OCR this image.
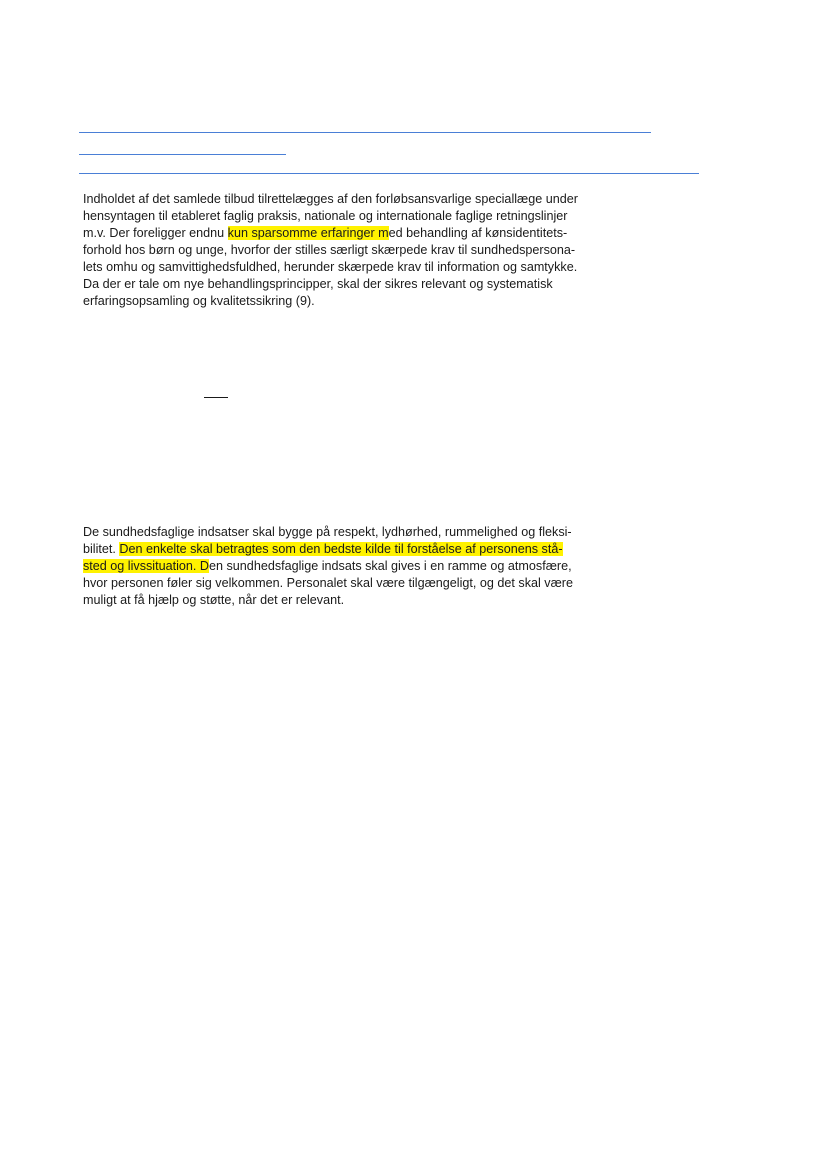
Indholdet af det samlede tilbud tilrettelægges af den forløbsansvarlige speciallæge under
hensyntagen til etableret faglig praksis, nationale og internationale faglige retningslinjer
m.v. Der foreligger endnu kun sparsomme erfaringer med behandling af kønsidentitets-
forhold hos børn og unge, hvorfor der stilles særligt skærpede krav til sundhedspersona-
lets omhu og samvittighedsfuldhed, herunder skærpede krav til information og samtykke.
Da der er tale om nye behandlingsprincipper, skal der sikres relevant og systematisk
erfaringsopsamling og kvalitetssikring (9).
De sundhedsfaglige indsatser skal bygge på respekt, lydhørhed, rummelighed og fleksi-
bilitet. Den enkelte skal betragtes som den bedste kilde til forståelse af personens stå-
sted og livssituation. Den sundhedsfaglige indsats skal gives i en ramme og atmosfære,
hvor personen føler sig velkommen. Personalet skal være tilgængeligt, og det skal være
muligt at få hjælp og støtte, når det er relevant.
